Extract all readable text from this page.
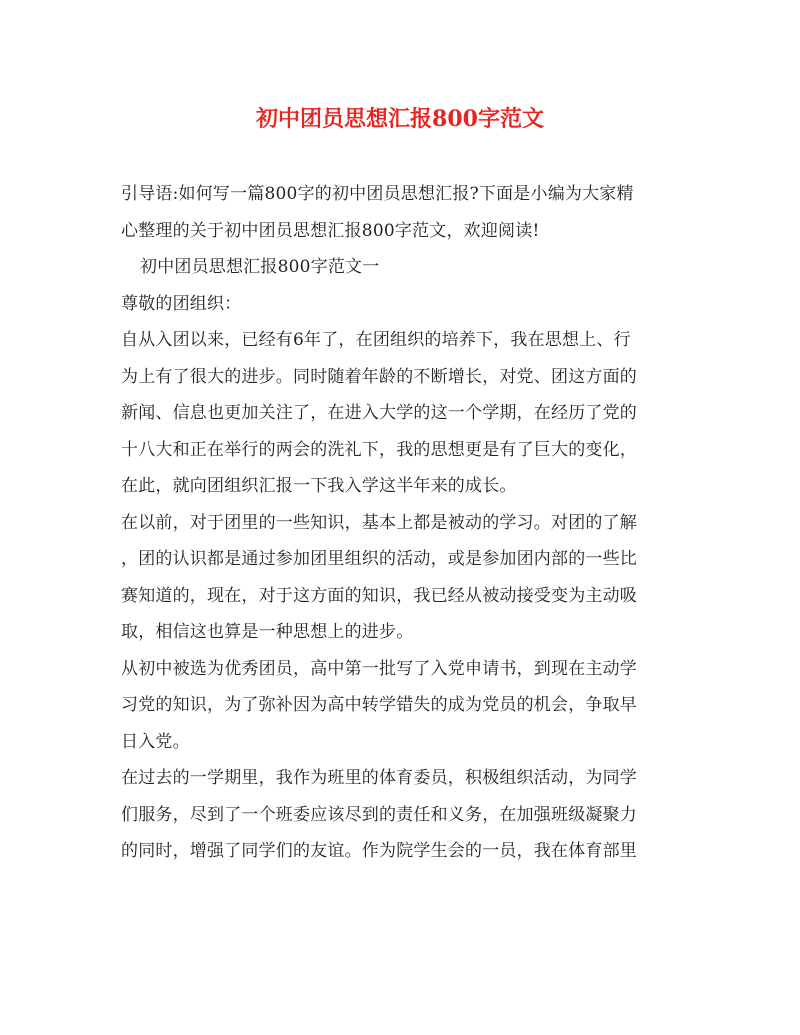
初中团员思想汇报800字范文

引导语:如何写一篇800字的初中团员思想汇报?下面是小编为大家精
心整理的关于初中团员思想汇报800字范文，欢迎阅读!

初中团员思想汇报800字范文一

尊敬的团组织：

自从入团以来，已经有6年了，在团组织的培养下，我在思想上、行
为上有了很大的进步。同时随着年龄的不断增长，对党、团这方面的
新闻、信息也更加关注了，在进入大学的这一个学期，在经历了党的
十八大和正在举行的两会的洗礼下，我的思想更是有了巨大的变化，
在此，就向团组织汇报一下我入学这半年来的成长。

在以前，对于团里的一些知识，基本上都是被动的学习。对团的了解
，团的认识都是通过参加团里组织的活动，或是参加团内部的一些比
赛知道的，现在，对于这方面的知识，我已经从被动接受变为主动吸
取，相信这也算是一种思想上的进步。

从初中被选为优秀团员，高中第一批写了入党申请书，到现在主动学
习党的知识，为了弥补因为高中转学错失的成为党员的机会，争取早
日入党。

在过去的一学期里，我作为班里的体育委员，积极组织活动，为同学
们服务，尽到了一个班委应该尽到的责任和义务，在加强班级凝聚力
的同时，增强了同学们的友谊。作为院学生会的一员，我在体育部里
